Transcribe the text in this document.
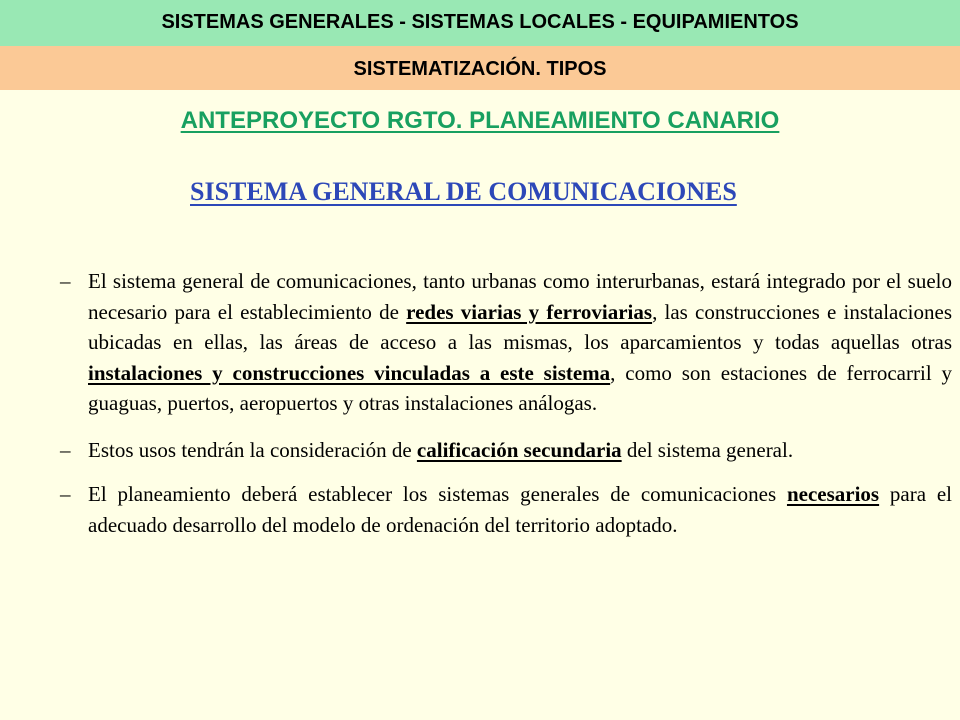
SISTEMAS GENERALES - SISTEMAS LOCALES - EQUIPAMIENTOS
SISTEMATIZACIÓN. TIPOS
ANTEPROYECTO RGTO. PLANEAMIENTO CANARIO
SISTEMA GENERAL DE COMUNICACIONES
– El sistema general de comunicaciones, tanto urbanas como interurbanas, estará integrado por el suelo necesario para el establecimiento de redes viarias y ferroviarias, las construcciones e instalaciones ubicadas en ellas, las áreas de acceso a las mismas, los aparcamientos y todas aquellas otras instalaciones y construcciones vinculadas a este sistema, como son estaciones de ferrocarril y guaguas, puertos, aeropuertos y otras instalaciones análogas.
– Estos usos tendrán la consideración de calificación secundaria del sistema general.
– El planeamiento deberá establecer los sistemas generales de comunicaciones necesarios para el adecuado desarrollo del modelo de ordenación del territorio adoptado.
